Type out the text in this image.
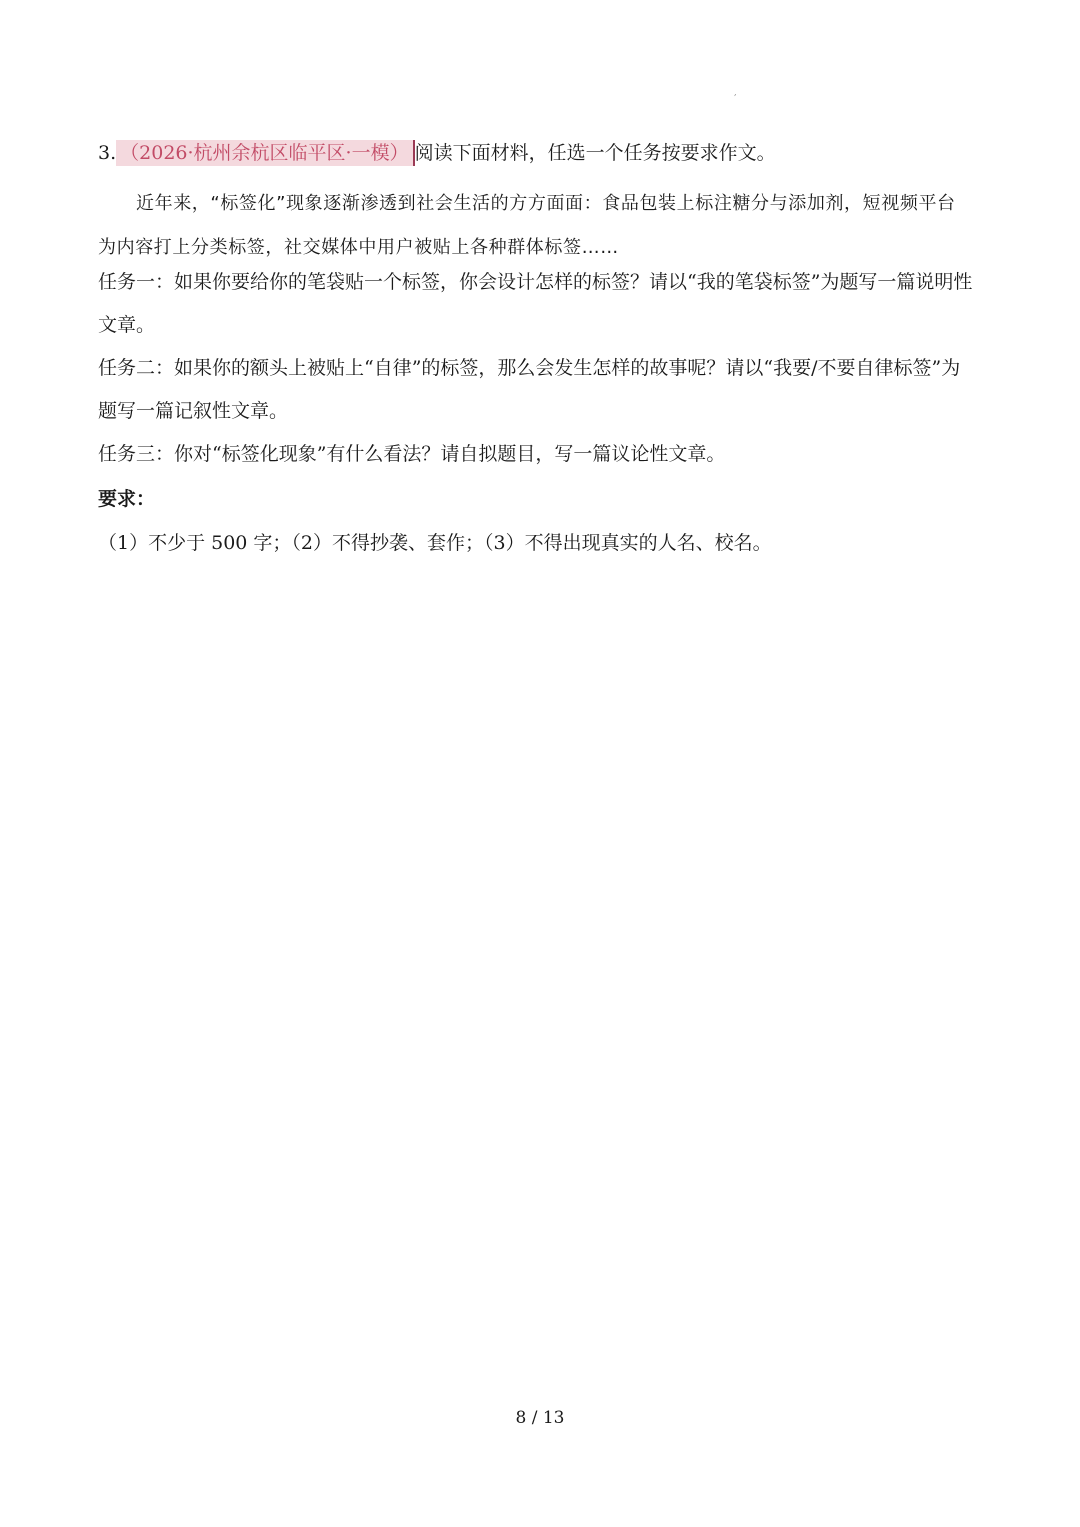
,
3. （2026·杭州余杭区临平区·一模） 阅读下面材料，任选一个任务按要求作文。
近年来，“标签化”现象逐渐渗透到社会生活的方方面面：食品包装上标注糖分与添加剂，短视频平台为内容打上分类标签，社交媒体中用户被贴上各种群体标签……
任务一：如果你要给你的笔袋贴一个标签，你会设计怎样的标签？请以“我的笔袋标签”为题写一篇说明性文章。
任务二：如果你的额头上被贴上“自律”的标签，那么会发生怎样的故事呢？请以“我要/不要自律标签”为题写一篇记叙性文章。
任务三：你对“标签化现象”有什么看法？请自拟题目，写一篇议论性文章。
要求：
（1）不少于 500 字；（2）不得抄袭、套作；（3）不得出现真实的人名、校名。
8 / 13
